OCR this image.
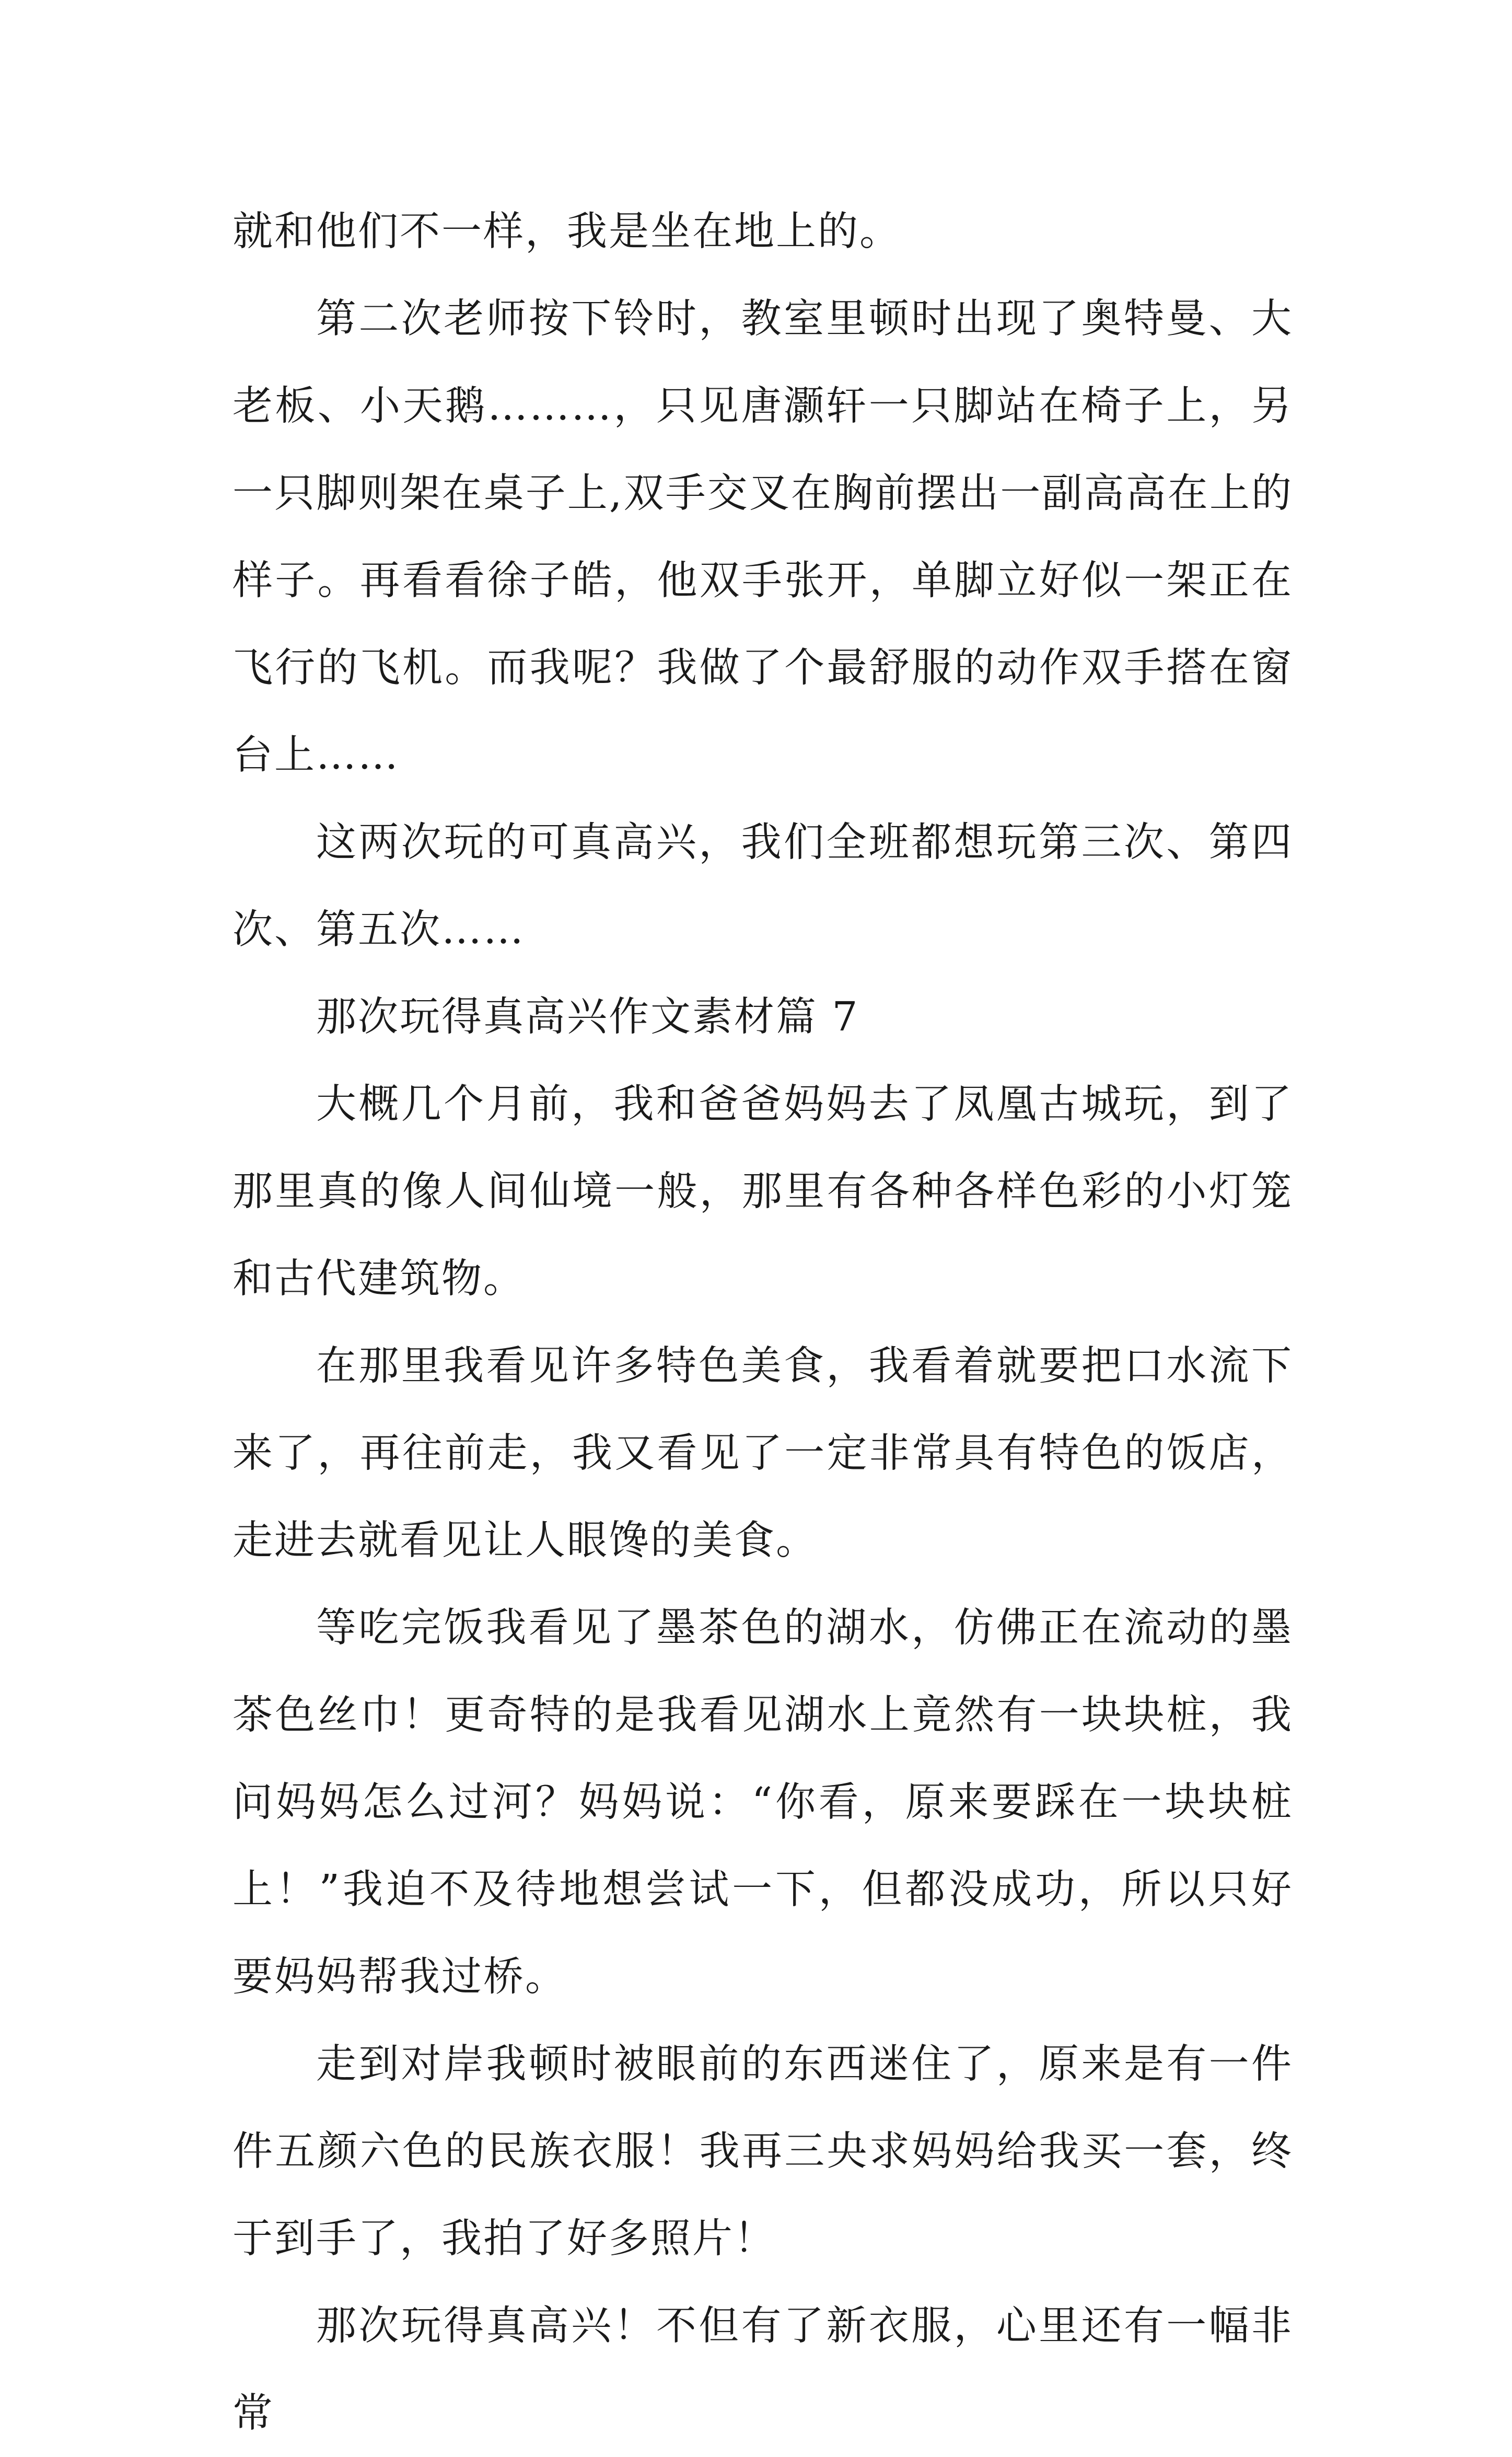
就和他们不一样，我是坐在地上的。

第二次老师按下铃时，教室里顿时出现了奥特曼、大老板、小天鹅………，只见唐灏轩一只脚站在椅子上，另一只脚则架在桌子上,双手交叉在胸前摆出一副高高在上的样子。再看看徐子皓，他双手张开，单脚立好似一架正在飞行的飞机。而我呢？我做了个最舒服的动作双手搭在窗台上……

这两次玩的可真高兴，我们全班都想玩第三次、第四次、第五次……

那次玩得真高兴作文素材篇 7

大概几个月前，我和爸爸妈妈去了凤凰古城玩，到了那里真的像人间仙境一般，那里有各种各样色彩的小灯笼和古代建筑物。

在那里我看见许多特色美食，我看着就要把口水流下来了，再往前走，我又看见了一定非常具有特色的饭店，走进去就看见让人眼馋的美食。

等吃完饭我看见了墨茶色的湖水，仿佛正在流动的墨茶色丝巾！更奇特的是我看见湖水上竟然有一块块桩，我问妈妈怎么过河？妈妈说：“你看，原来要踩在一块块桩上！”我迫不及待地想尝试一下，但都没成功，所以只好要妈妈帮我过桥。

走到对岸我顿时被眼前的东西迷住了，原来是有一件件五颜六色的民族衣服！我再三央求妈妈给我买一套，终于到手了，我拍了好多照片！

那次玩得真高兴！不但有了新衣服，心里还有一幅非常
